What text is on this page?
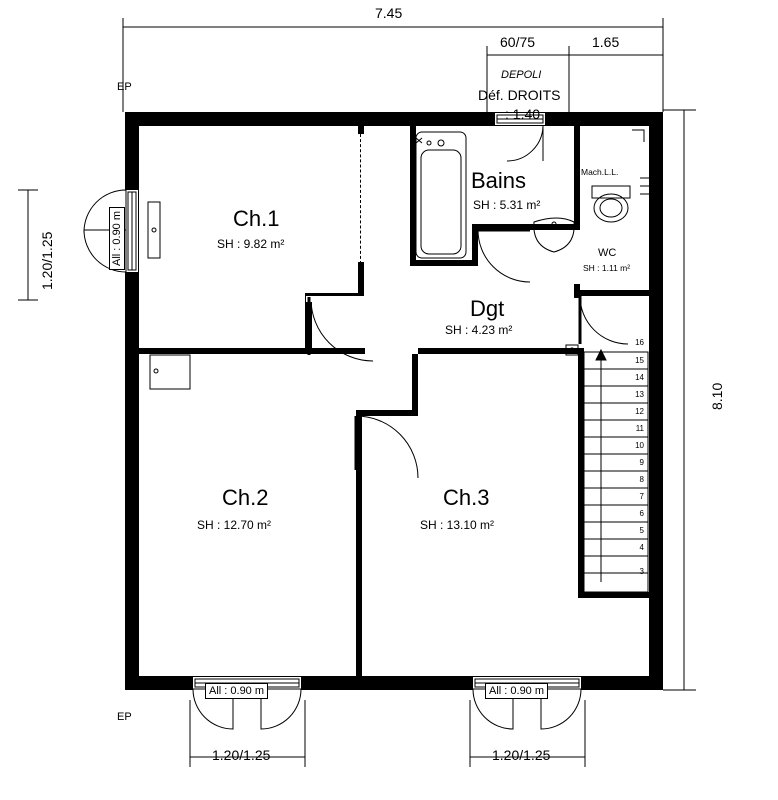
7.45
8.10
60/75	1.65
DEPOLI
Déf. DROITS
: 1.40
EP
EP
1.20/1.25	All : 0.90 m
1.20/1.25	1.20/1.25
All : 0.90 m	All : 0.90 m
Ch.1
SH : 9.82 m²
Bains
SH : 5.31 m²
WC
SH : 1.11 m²
Dgt
SH : 4.23 m²
Ch.2
SH : 12.70 m²
Ch.3
SH : 13.10 m²
Mach.L.L.
16
15
14
13
12
11
10
9
8
7
6
5
4
3
